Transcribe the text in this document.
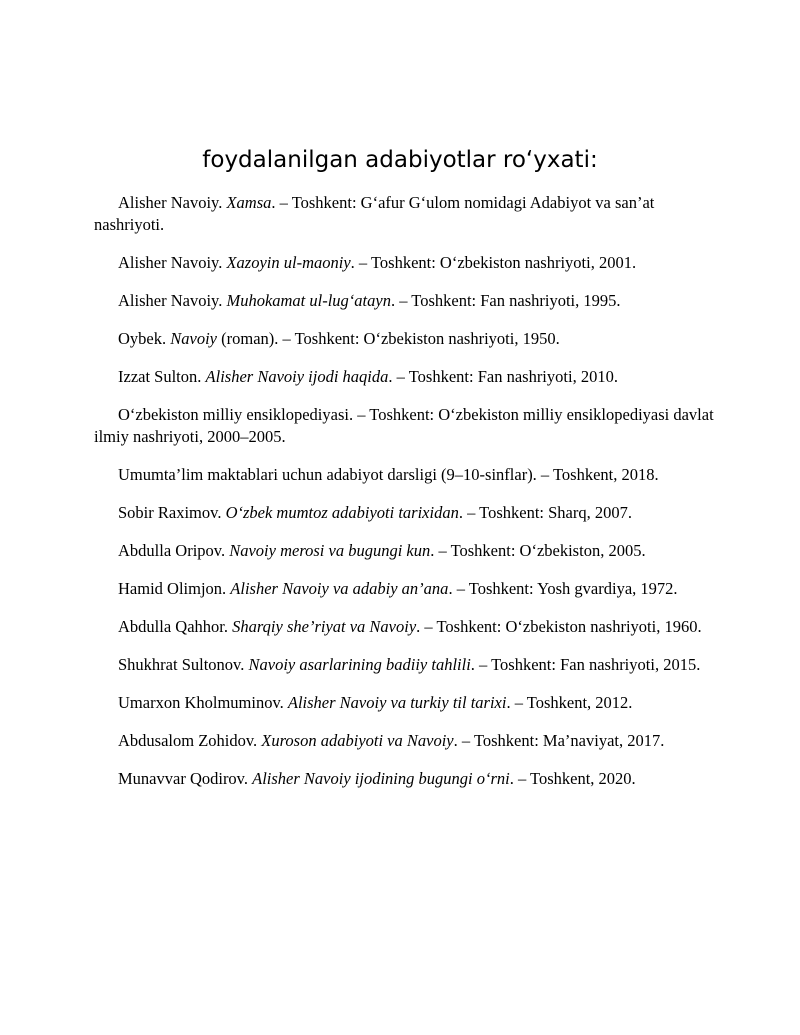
foydalanilgan adabiyotlar ro‘yxati:
Alisher Navoiy. Xamsa. – Toshkent: G‘afur G‘ulom nomidagi Adabiyot va san’at nashriyoti.
Alisher Navoiy. Xazoyin ul-maoniy. – Toshkent: O‘zbekiston nashriyoti, 2001.
Alisher Navoiy. Muhokamat ul-lug‘atayn. – Toshkent: Fan nashriyoti, 1995.
Oybek. Navoiy (roman). – Toshkent: O‘zbekiston nashriyoti, 1950.
Izzat Sulton. Alisher Navoiy ijodi haqida. – Toshkent: Fan nashriyoti, 2010.
O‘zbekiston milliy ensiklopediyasi. – Toshkent: O‘zbekiston milliy ensiklopediyasi davlat ilmiy nashriyoti, 2000–2005.
Umumta’lim maktablari uchun adabiyot darsligi (9–10-sinflar). – Toshkent, 2018.
Sobir Raximov. O‘zbek mumtoz adabiyoti tarixidan. – Toshkent: Sharq, 2007.
Abdulla Oripov. Navoiy merosi va bugungi kun. – Toshkent: O‘zbekiston, 2005.
Hamid Olimjon. Alisher Navoiy va adabiy an’ana. – Toshkent: Yosh gvardiya, 1972.
Abdulla Qahhor. Sharqiy she’riyat va Navoiy. – Toshkent: O‘zbekiston nashriyoti, 1960.
Shukhrat Sultonov. Navoiy asarlarining badiiy tahlili. – Toshkent: Fan nashriyoti, 2015.
Umarxon Kholmuminov. Alisher Navoiy va turkiy til tarixi. – Toshkent, 2012.
Abdusalom Zohidov. Xuroson adabiyoti va Navoiy. – Toshkent: Ma’naviyat, 2017.
Munavvar Qodirov. Alisher Navoiy ijodining bugungi o‘rni. – Toshkent, 2020.
